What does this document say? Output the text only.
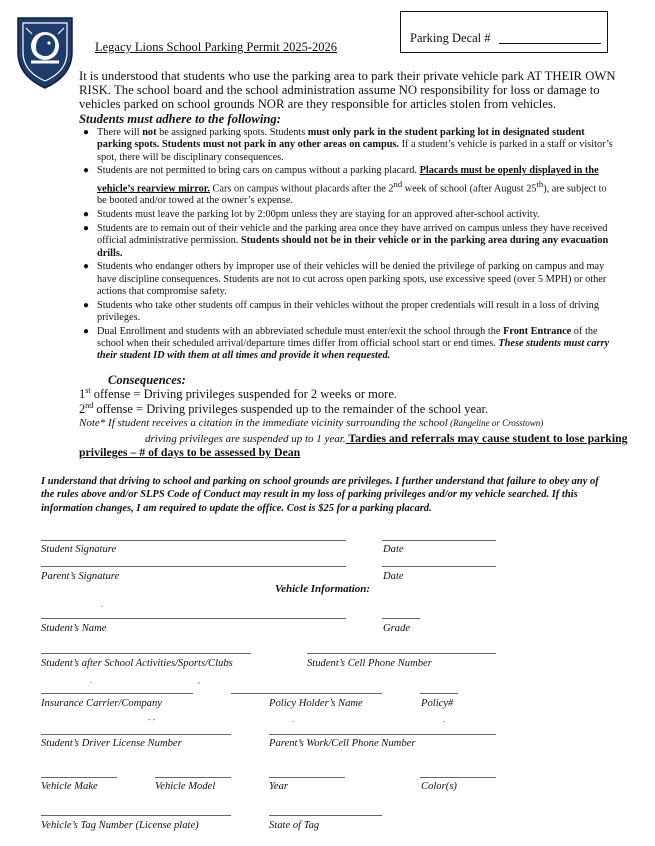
Legacy Lions School Parking Permit 2025-2026
Parking Decal #
It is understood that students who use the parking area to park their private vehicle park AT THEIR OWN RISK. The school board and the school administration assume NO responsibility for loss or damage to vehicles parked on school grounds NOR are they responsible for articles stolen from vehicles.
Students must adhere to the following:
● There will not be assigned parking spots. Students must only park in the student parking lot in designated student parking spots. Students must not park in any other areas on campus. If a student’s vehicle is parked in a staff or visitor’s spot, there will be disciplinary consequences.
● Students are not permitted to bring cars on campus without a parking placard. Placards must be openly displayed in the vehicle’s rearview mirror. Cars on campus without placards after the 2nd week of school (after August 25th), are subject to be booted and/or towed at the owner’s expense.
● Students must leave the parking lot by 2:00pm unless they are staying for an approved after-school activity.
● Students are to remain out of their vehicle and the parking area once they have arrived on campus unless they have received official administrative permission. Students should not be in their vehicle or in the parking area during any evacuation drills.
● Students who endanger others by improper use of their vehicles will be denied the privilege of parking on campus and may have discipline consequences. Students are not to cut across open parking spots, use excessive speed (over 5 MPH) or other actions that compromise safety.
● Students who take other students off campus in their vehicles without the proper credentials will result in a loss of driving privileges.
● Dual Enrollment and students with an abbreviated schedule must enter/exit the school through the Front Entrance of the school when their scheduled arrival/departure times differ from official school start or end times. These students must carry their student ID with them at all times and provide it when requested.
Consequences:
1st offense = Driving privileges suspended for 2 weeks or more.
2nd offense = Driving privileges suspended up to the remainder of the school year.
Note* If student receives a citation in the immediate vicinity surrounding the school (Rangeline or Crosstown)
driving privileges are suspended up to 1 year. Tardies and referrals may cause student to lose parking privileges – # of days to be assessed by Dean
I understand that driving to school and parking on school grounds are privileges. I further understand that failure to obey any of the rules above and/or SLPS Code of Conduct may result in my loss of parking privileges and/or my vehicle searched. If this information changes, I am required to update the office. Cost is $25 for a parking placard.
Student Signature	Date
Parent’s Signature	Date
Vehicle Information:
.
Student’s Name	Grade
Student’s after School Activities/Sports/Clubs	Student’s Cell Phone Number
.	,
Insurance Carrier/Company	Policy Holder’s Name	Policy#
- -	.	.
Student’s Driver License Number	Parent’s Work/Cell Phone Number
Vehicle Make	Vehicle Model	Year	Color(s)
Vehicle’s Tag Number (License plate)	State of Tag
